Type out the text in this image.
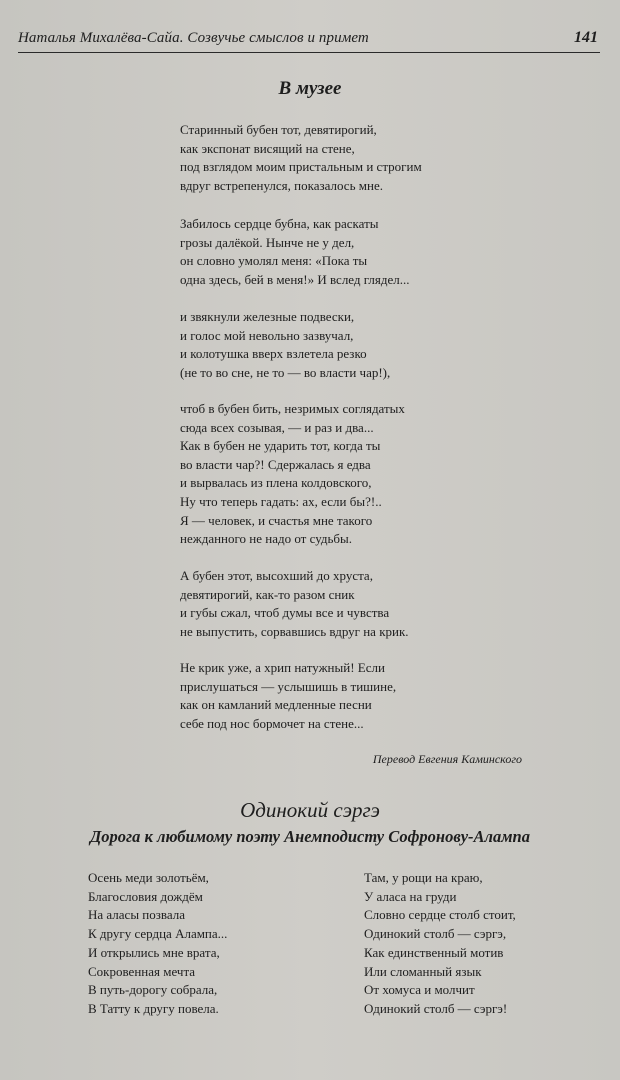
Наталья Михалёва-Сайа. Созвучье смыслов и примет	141
В музее
Старинный бубен тот, девятирогий,
как экспонат висящий на стене,
под взглядом моим пристальным и строгим
вдруг встрепенулся, показалось мне.
Забилось сердце бубна, как раскаты
грозы далёкой. Нынче не у дел,
он словно умолял меня: «Пока ты
одна здесь, бей в меня!» И вслед глядел...
и звякнули железные подвески,
и голос мой невольно зазвучал,
и колотушка вверх взлетела резко
(не то во сне, не то — во власти чар!),
чтоб в бубен бить, незримых соглядатых
сюда всех созывая, — и раз и два...
Как в бубен не ударить тот, когда ты
во власти чар?! Сдержалась я едва
и вырвалась из плена колдовского,
Ну что теперь гадать: ах, если бы?!..
Я — человек, и счастья мне такого
нежданного не надо от судьбы.
А бубен этот, высохший до хруста,
девятирогий, как-то разом сник
и губы сжал, чтоб думы все и чувства
не выпустить, сорвавшись вдруг на крик.
Не крик уже, а хрип натужный! Если
прислушаться — услышишь в тишине,
как он камланий медленные песни
себе под нос бормочет на стене...
Перевод Евгения Каминского
Одинокий сэргэ
Дорога к любимому поэту Анемподисту Софронову-Алампа
Осень меди золотьём,
Благословия дождём
На аласы позвала
К другу сердца Алампа...
И открылись мне врата,
Сокровенная мечта
В путь-дорогу собрала,
В Татту к другу повела.
Там, у рощи на краю,
У аласа на груди
Словно сердце столб стоит,
Одинокий столб — сэргэ,
Как единственный мотив
Или сломанный язык
От хомуса и молчит
Одинокий столб — сэргэ!
